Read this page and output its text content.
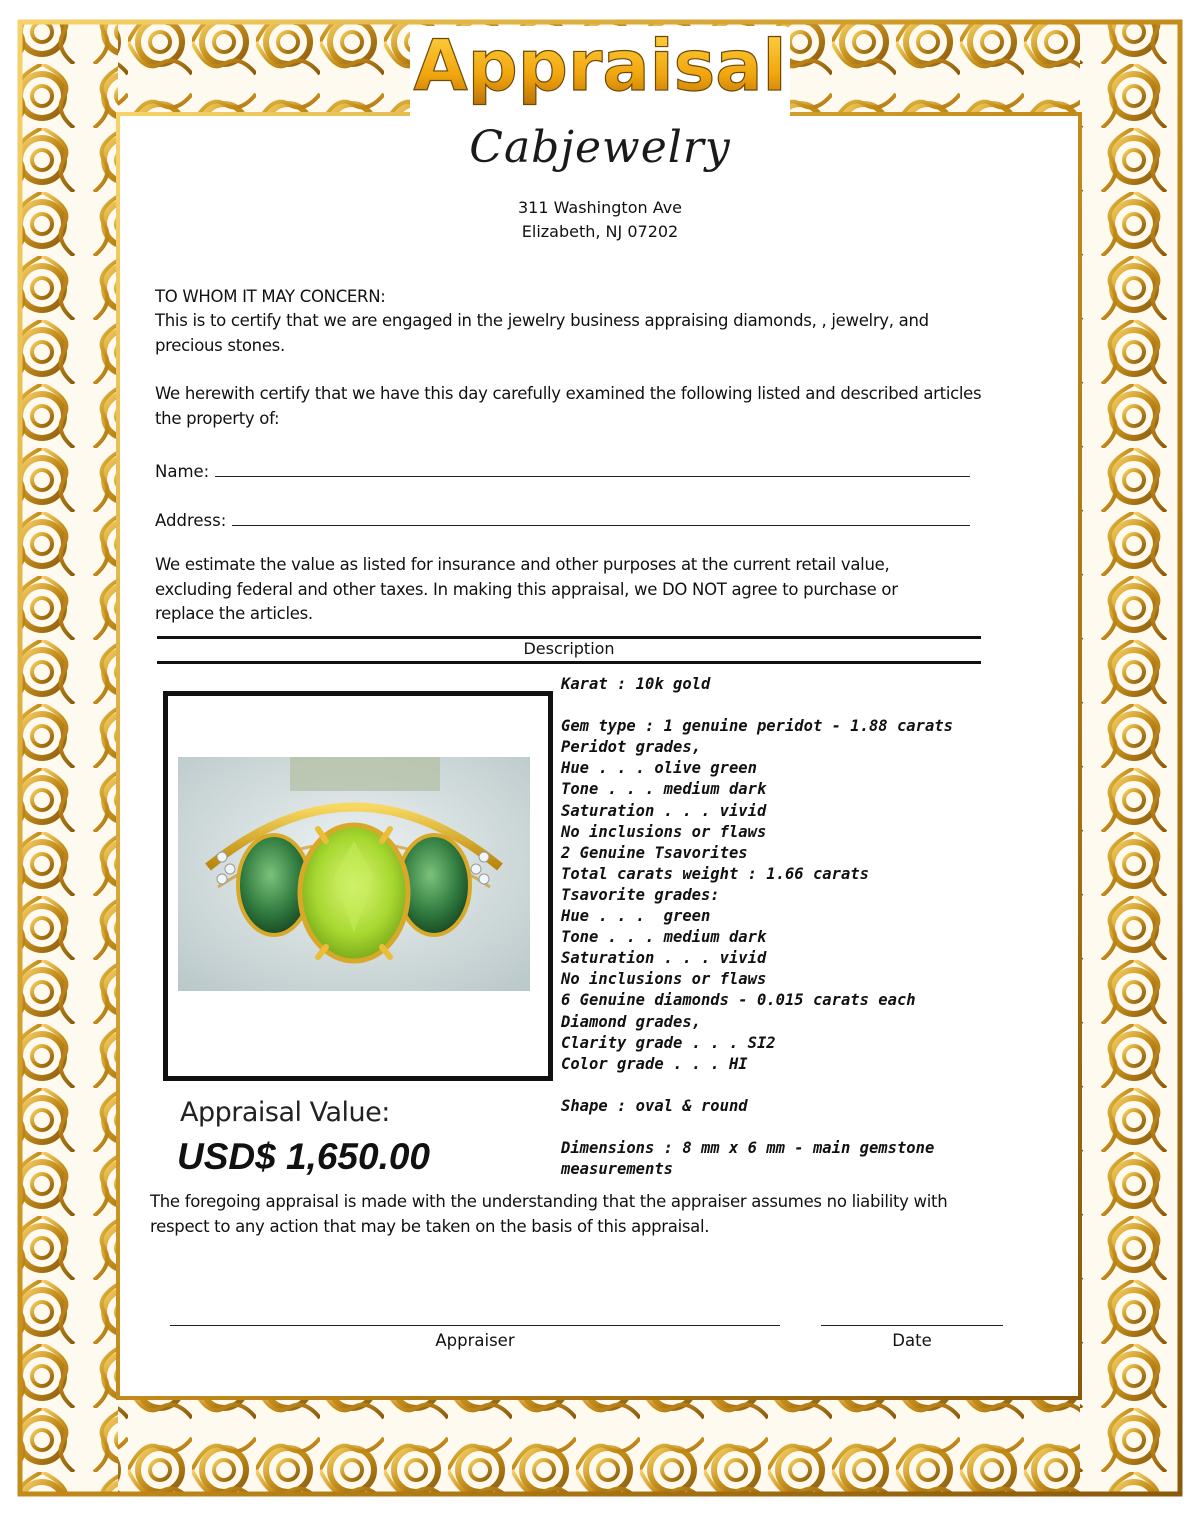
Appraisal
Cabjewelry
311 Washington Ave
Elizabeth, NJ 07202
TO WHOM IT MAY CONCERN:
This is to certify that we are engaged in the jewelry business appraising diamonds, , jewelry, and precious stones.
We herewith certify that we have this day carefully examined the following listed and described articles the property of:
Name:
Address:
We estimate the value as listed for insurance and other purposes at the current retail value, excluding federal and other taxes. In making this appraisal, we DO NOT agree to purchase or replace the articles.
Description
Karat : 10k gold

Gem type : 1 genuine peridot - 1.88 carats
Peridot grades,
Hue . . . olive green
Tone . . . medium dark
Saturation . . . vivid
No inclusions or flaws
2 Genuine Tsavorites
Total carats weight : 1.66 carats
Tsavorite grades:
Hue . . .  green
Tone . . . medium dark
Saturation . . . vivid
No inclusions or flaws
6 Genuine diamonds - 0.015 carats each
Diamond grades,
Clarity grade . . . SI2
Color grade . . . HI

Shape : oval & round

Dimensions : 8 mm x 6 mm - main gemstone
measurements
Appraisal Value:
USD$ 1,650.00
The foregoing appraisal is made with the understanding that the appraiser assumes no liability with respect to any action that may be taken on the basis of this appraisal.
Appraiser	Date
